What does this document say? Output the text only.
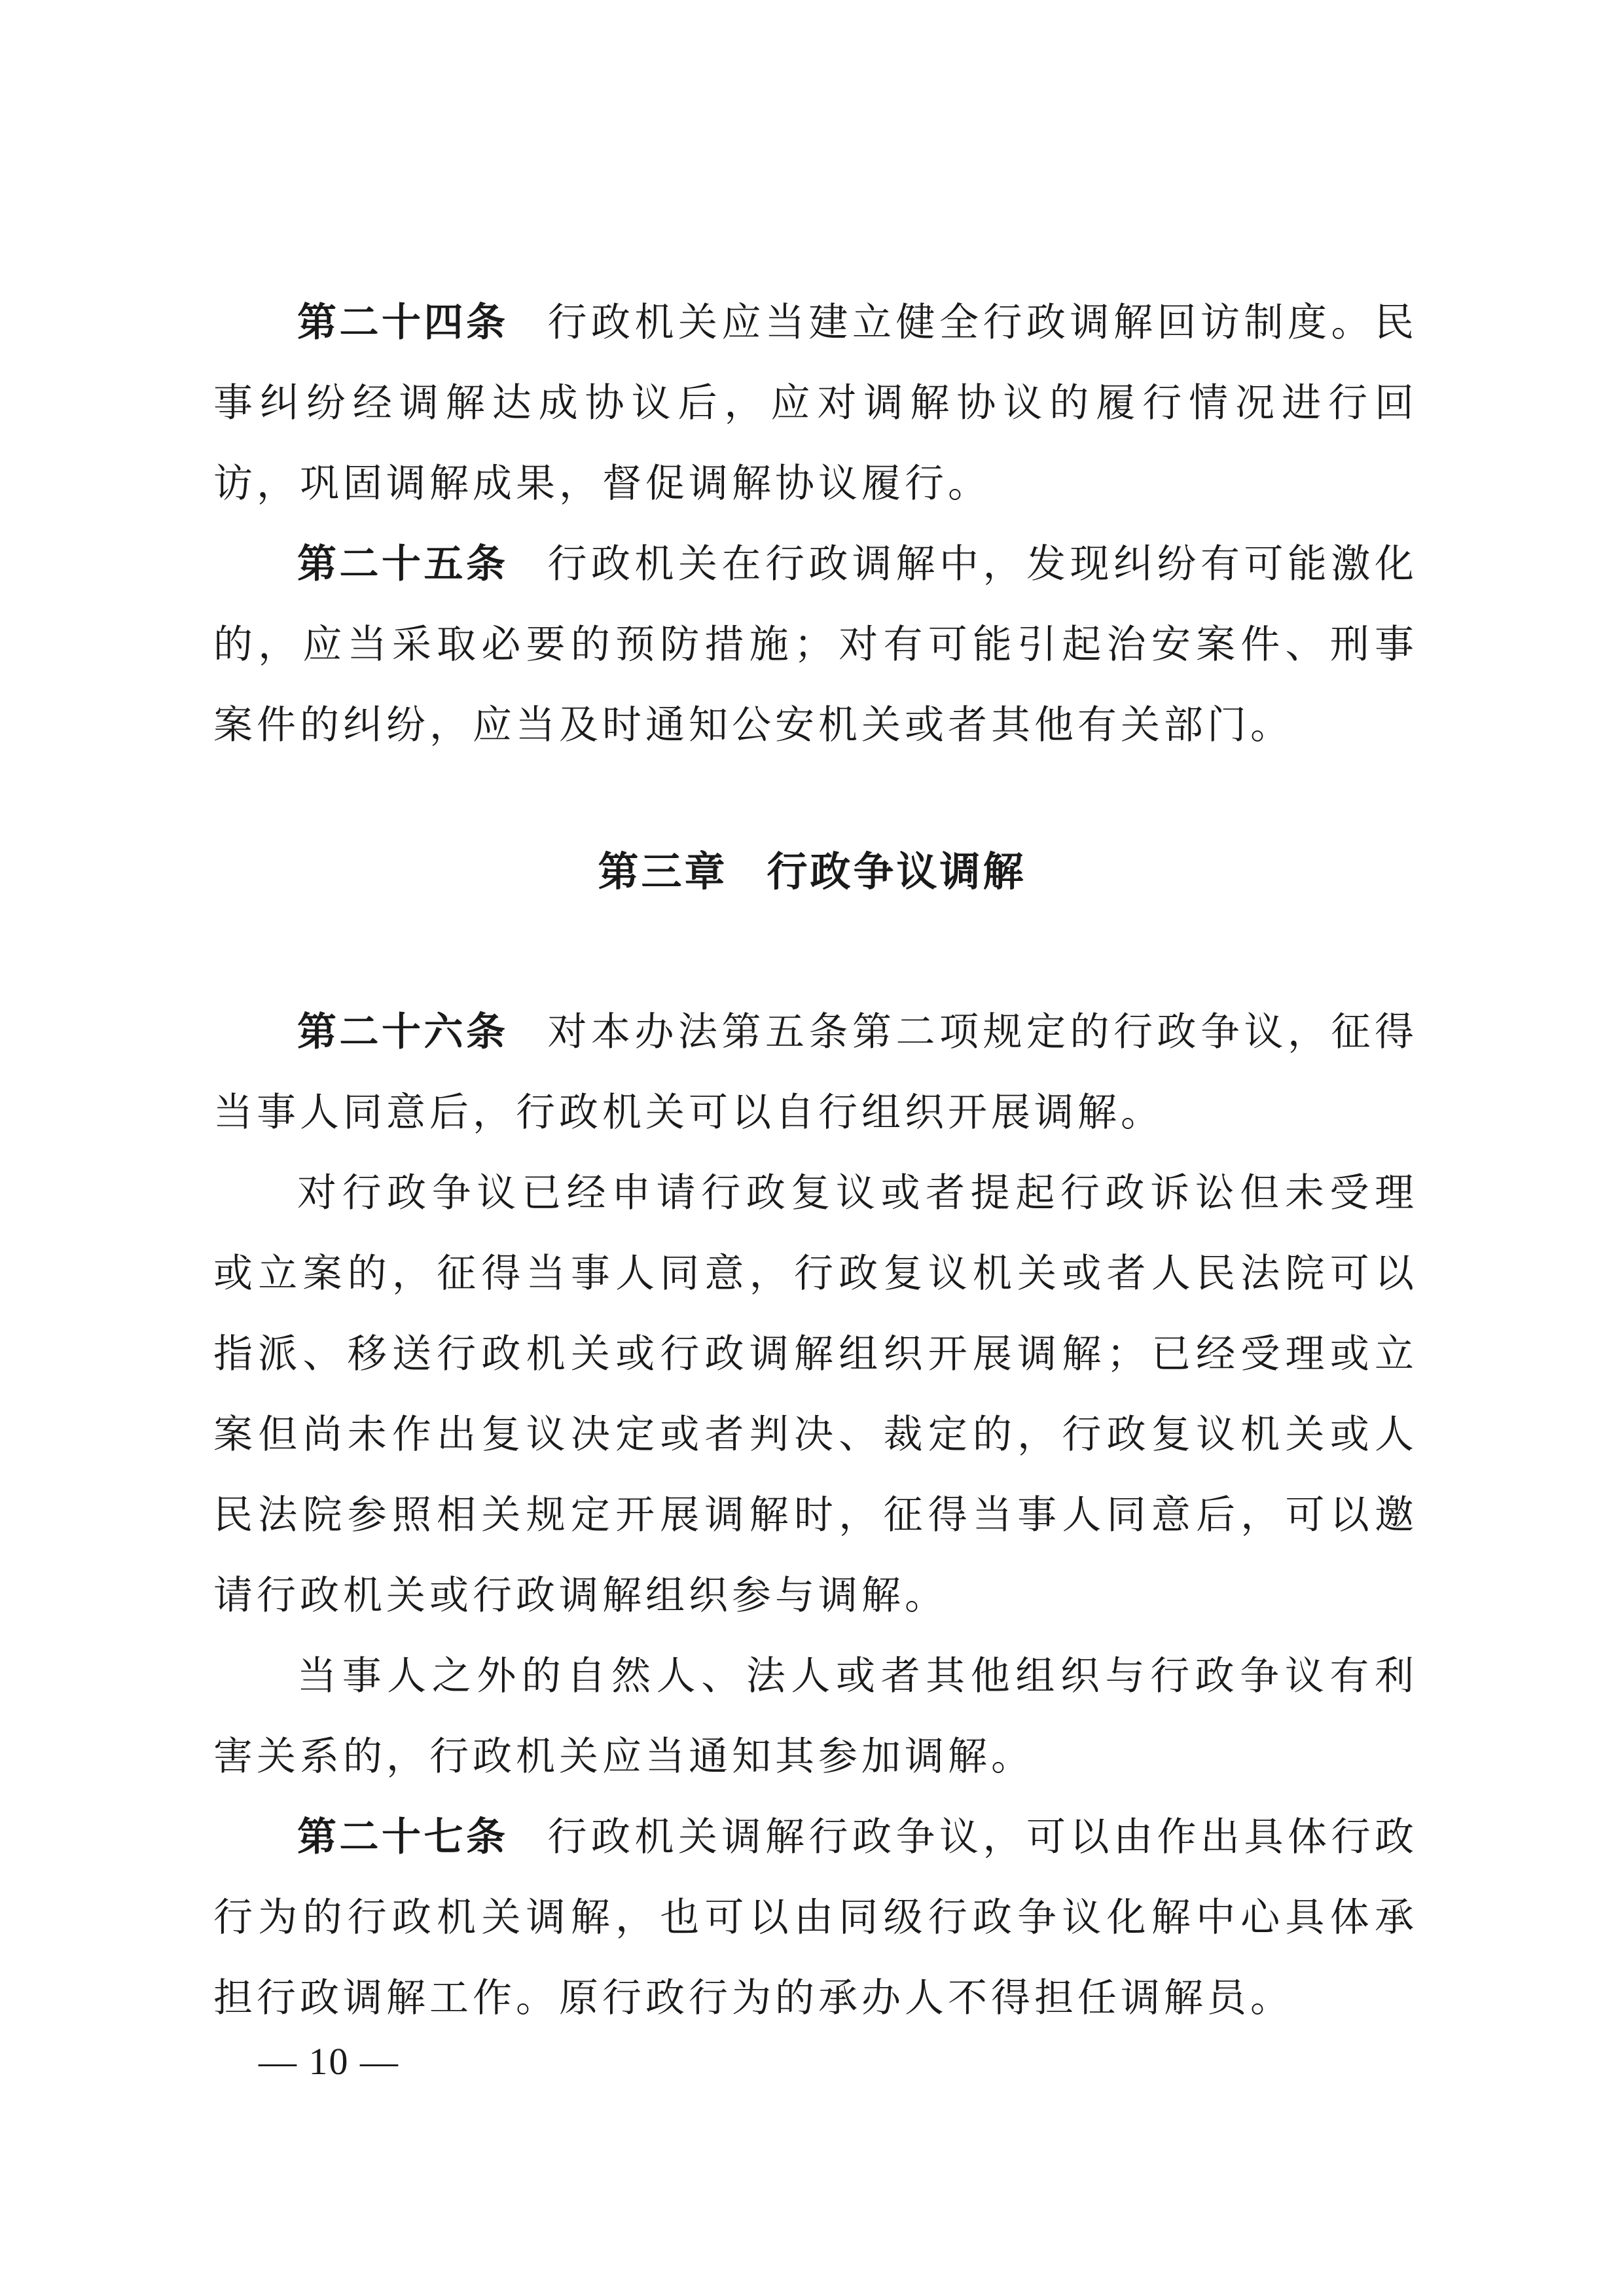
第二十四条 行政机关应当建立健全行政调解回访制度。民事纠纷经调解达成协议后，应对调解协议的履行情况进行回访，巩固调解成果，督促调解协议履行。

第二十五条 行政机关在行政调解中，发现纠纷有可能激化的，应当采取必要的预防措施；对有可能引起治安案件、刑事案件的纠纷，应当及时通知公安机关或者其他有关部门。

第三章 行政争议调解

第二十六条 对本办法第五条第二项规定的行政争议，征得当事人同意后，行政机关可以自行组织开展调解。

对行政争议已经申请行政复议或者提起行政诉讼但未受理或立案的，征得当事人同意，行政复议机关或者人民法院可以指派、移送行政机关或行政调解组织开展调解；已经受理或立案但尚未作出复议决定或者判决、裁定的，行政复议机关或人民法院参照相关规定开展调解时，征得当事人同意后，可以邀请行政机关或行政调解组织参与调解。

当事人之外的自然人、法人或者其他组织与行政争议有利害关系的，行政机关应当通知其参加调解。

第二十七条 行政机关调解行政争议，可以由作出具体行政行为的行政机关调解，也可以由同级行政争议化解中心具体承担行政调解工作。原行政行为的承办人不得担任调解员。

— 10 —
